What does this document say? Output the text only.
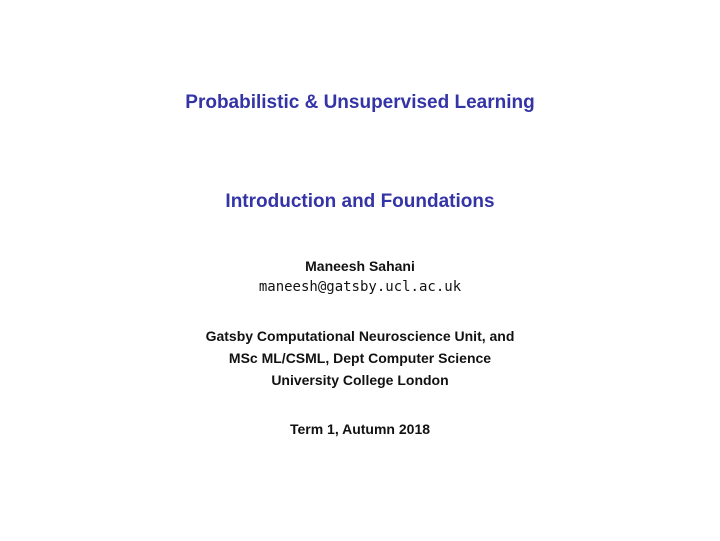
Probabilistic & Unsupervised Learning
Introduction and Foundations
Maneesh Sahani
maneesh@gatsby.ucl.ac.uk
Gatsby Computational Neuroscience Unit, and
MSc ML/CSML, Dept Computer Science
University College London
Term 1, Autumn 2018
